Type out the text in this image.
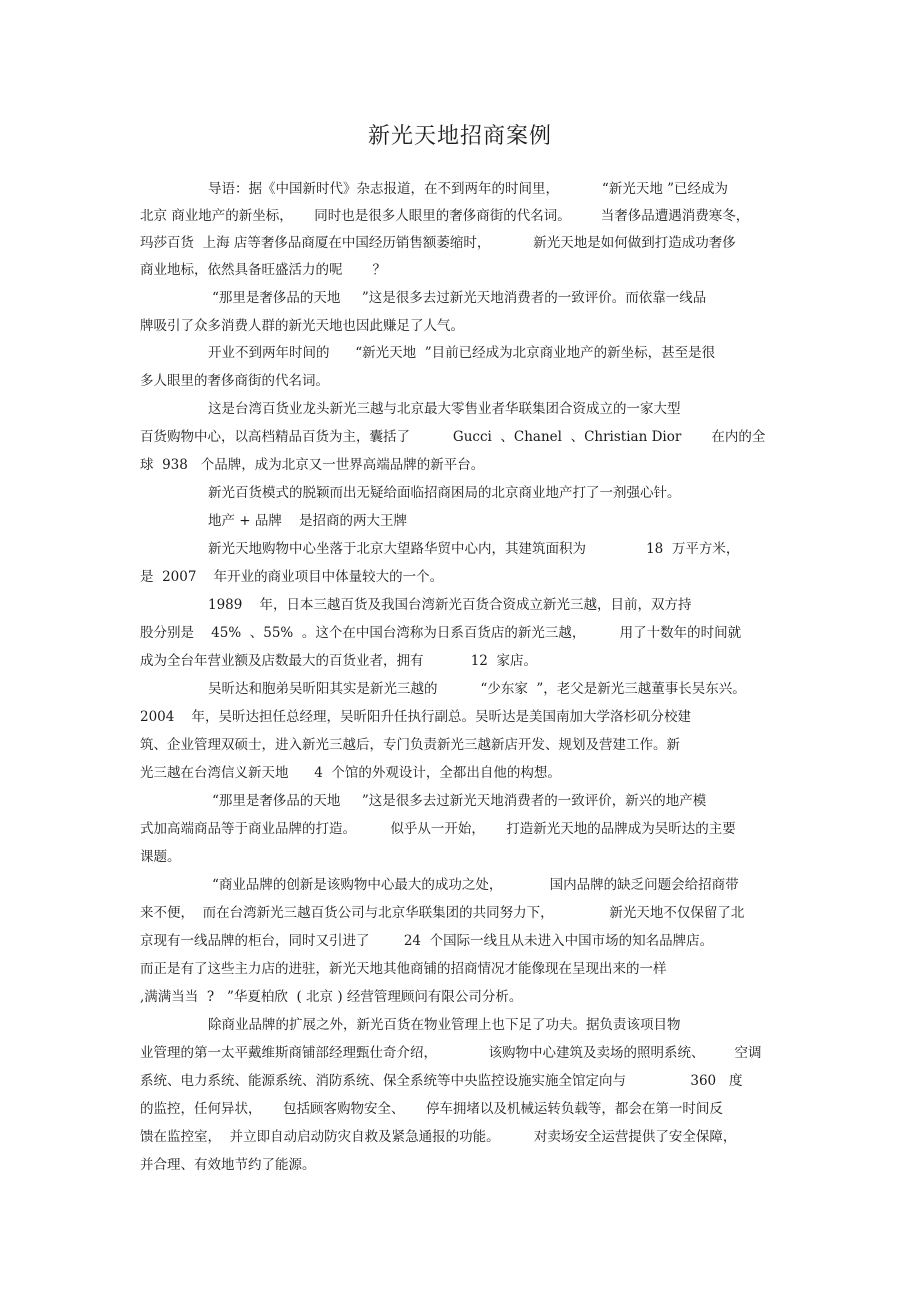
新光天地招商案例
导语：据《中国新时代》杂志报道，在不到两年的时间里，          “新光天地 ”已经成为
北京 商业地产的新坐标，     同时也是很多人眼里的奢侈商街的代名词。       当奢侈品遭遇消费寒冬，
玛莎百货  上海 店等奢侈品商厦在中国经历销售额萎缩时，          新光天地是如何做到打造成功奢侈
商业地标，依然具备旺盛活力的呢       ？
“那里是奢侈品的天地     ”这是很多去过新光天地消费者的一致评价。而依靠一线品
牌吸引了众多消费人群的新光天地也因此赚足了人气。
开业不到两年时间的      “新光天地  ”目前已经成为北京商业地产的新坐标，甚至是很
多人眼里的奢侈商街的代名词。
这是台湾百货业龙头新光三越与北京最大零售业者华联集团合资成立的一家大型
百货购物中心，以高档精品百货为主，囊括了          Gucci  、Chanel  、Christian Dior       在内的全
球  938   个品牌，成为北京又一世界高端品牌的新平台。
新光百货模式的脱颖而出无疑给面临招商困局的北京商业地产打了一剂强心针。
地产 + 品牌    是招商的两大王牌
新光天地购物中心坐落于北京大望路华贸中心内，其建筑面积为              18  万平方米，
是  2007    年开业的商业项目中体量较大的一个。
1989    年，日本三越百货及我国台湾新光百货合资成立新光三越，目前，双方持
股分别是    45%  、55%  。这个在中国台湾称为日系百货店的新光三越，        用了十数年的时间就
成为全台年营业额及店数最大的百货业者，拥有           12  家店。
吴昕达和胞弟吴昕阳其实是新光三越的          “少东家  ”，老父是新光三越董事长吴东兴。
2004    年，吴昕达担任总经理，吴昕阳升任执行副总。吴昕达是美国南加大学洛杉矶分校建
筑、企业管理双硕士，进入新光三越后，专门负责新光三越新店开发、规划及营建工作。新
光三越在台湾信义新天地      4  个馆的外观设计，全都出自他的构想。
“那里是奢侈品的天地     ”这是很多去过新光天地消费者的一致评价，新兴的地产模
式加高端商品等于商业品牌的打造。        似乎从一开始，     打造新光天地的品牌成为吴昕达的主要
课题。
“商业品牌的创新是该购物中心最大的成功之处，           国内品牌的缺乏问题会给招商带
来不便，  而在台湾新光三越百货公司与北京华联集团的共同努力下，             新光天地不仅保留了北
京现有一线品牌的柜台，同时又引进了        24  个国际一线且从未进入中国市场的知名品牌店。
而正是有了这些主力店的进驻，新光天地其他商铺的招商情况才能像现在呈现出来的一样
,满满当当  ?   ”华夏柏欣  ( 北京 ) 经营管理顾问有限公司分析。
除商业品牌的扩展之外，新光百货在物业管理上也下足了功夫。据负责该项目物
业管理的第一太平戴维斯商铺部经理甄仕奇介绍，            该购物中心建筑及卖场的照明系统、       空调
系统、电力系统、能源系统、消防系统、保全系统等中央监控设施实施全馆定向与               360   度
的监控，任何异状，     包括顾客购物安全、     停车拥堵以及机械运转负载等，都会在第一时间反
馈在监控室，  并立即自动启动防灾自救及紧急通报的功能。        对卖场安全运营提供了安全保障，
并合理、有效地节约了能源。
